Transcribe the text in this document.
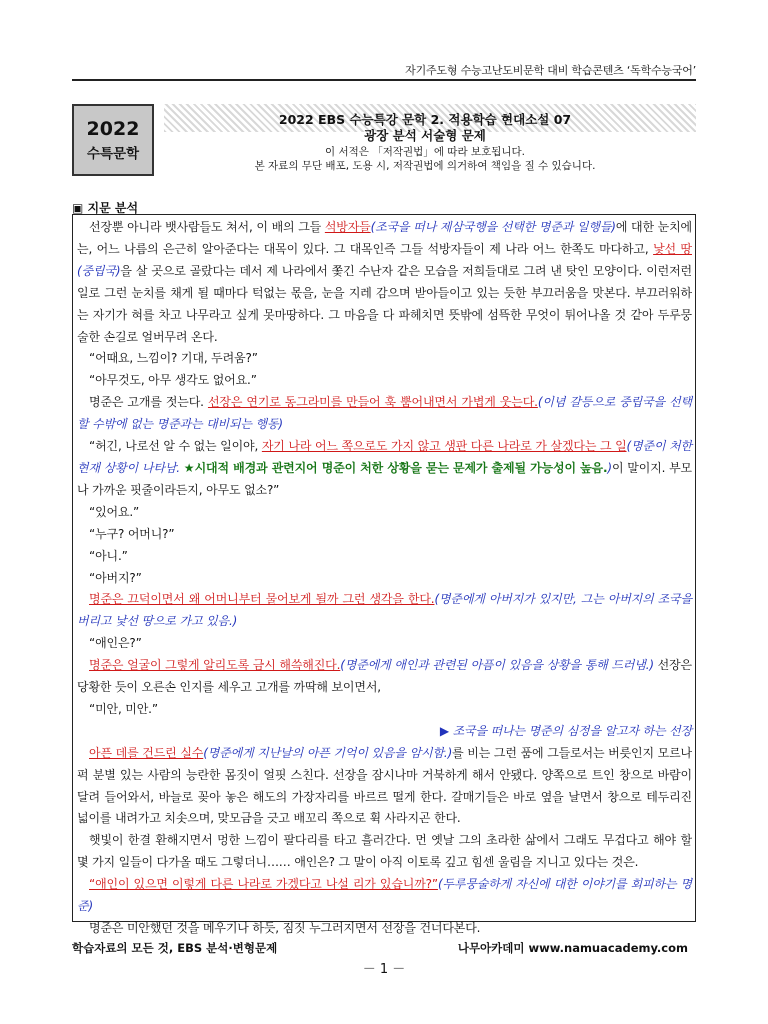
자기주도형 수능고난도비문학 대비 학습콘텐츠 ‘독학수능국어’
2022
수특문학
2022 EBS 수능특강 문학 2. 적용학습 현대소설 07
광장 분석 서술형 문제
이 서적은 「저작권법」에 따라 보호됩니다.
본 자료의 무단 배포, 도용 시, 저작권법에 의거하여 책임을 질 수 있습니다.
▣ 지문 분석

선장뿐 아니라 뱃사람들도 쳐서, 이 배의 그들 석방자들(조국을 떠나 제삼국행을 선택한 명준과 일행들)에 대한 눈치에는, 어느 나름의 은근히 알아준다는 대목이 있다. 그 대목인즉 그들 석방자들이 제 나라 어느 한쪽도 마다하고, 낯선 땅(중립국)을 살 곳으로 골랐다는 데서 제 나라에서 쫓긴 수난자 같은 모습을 저희들대로 그려 낸 탓인 모양이다. 이런저런 일로 그런 눈치를 채게 될 때마다 턱없는 몫을, 눈을 지레 감으며 받아들이고 있는 듯한 부끄러움을 맛본다. 부끄러워하는 자기가 혀를 차고 나무라고 싶게 못마땅하다. 그 마음을 다 파헤치면 뜻밖에 섬뜩한 무엇이 튀어나올 것 같아 두루뭉술한 손길로 얼버무려 온다.

“어때요, 느낌이? 기대, 두려움?”

“아무것도, 아무 생각도 없어요.”

명준은 고개를 젓는다. 선장은 연기로 동그라미를 만들어 훅 뿜어내면서 가볍게 웃는다.(이념 갈등으로 중립국을 선택할 수밖에 없는 명준과는 대비되는 행동)

“허긴, 나로선 알 수 없는 일이야, 자기 나라 어느 쪽으로도 가지 않고 생판 다른 나라로 가 살겠다는 그 일(명준이 처한 현재 상황이 나타남. ★시대적 배경과 관련지어 명준이 처한 상황을 묻는 문제가 출제될 가능성이 높음.)이 말이지. 부모나 가까운 핏줄이라든지, 아무도 없소?”

“있어요.”

“누구? 어머니?”

“아니.”

“아버지?”

명준은 끄덕이면서 왜 어머니부터 물어보게 될까 그런 생각을 한다.(명준에게 아버지가 있지만, 그는 아버지의 조국을 버리고 낯선 땅으로 가고 있음.)

“애인은?”

명준은 얼굴이 그렇게 알리도록 금시 해쓱해진다.(명준에게 애인과 관련된 아픔이 있음을 상황을 통해 드러냄.) 선장은 당황한 듯이 오른손 인지를 세우고 고개를 까딱해 보이면서,

“미안, 미안.”

▶ 조국을 떠나는 명준의 심정을 알고자 하는 선장

아픈 데를 건드린 실수(명준에게 지난날의 아픈 기억이 있음을 암시함.)를 비는 그런 품에 그들로서는 버릇인지 모르나 퍽 분별 있는 사람의 능란한 몸짓이 얼핏 스친다. 선장을 잠시나마 거북하게 해서 안됐다. 양쪽으로 트인 창으로 바람이 달려 들어와서, 바늘로 꽂아 놓은 해도의 가장자리를 바르르 떨게 한다. 갈매기들은 바로 옆을 날면서 창으로 테두리진 넓이를 내려가고 치솟으며, 맞모금을 긋고 배꼬리 쪽으로 휙 사라지곤 한다.

햇빛이 한결 환해지면서 멍한 느낌이 팔다리를 타고 흘러간다. 먼 옛날 그의 초라한 삶에서 그래도 무겁다고 해야 할 몇 가지 일들이 다가올 때도 그렇더니…… 애인은? 그 말이 아직 이토록 깊고 힘센 울림을 지니고 있다는 것은.

“애인이 있으면 이렇게 다른 나라로 가겠다고 나설 리가 있습니까?”(두루뭉술하게 자신에 대한 이야기를 회피하는 명준)

명준은 미안했던 것을 메우기나 하듯, 짐짓 누그러지면서 선장을 건너다본다.

학습자료의 모든 것, EBS 분석·변형문제	나무아카데미 www.namuacademy.com
－ 1 －
